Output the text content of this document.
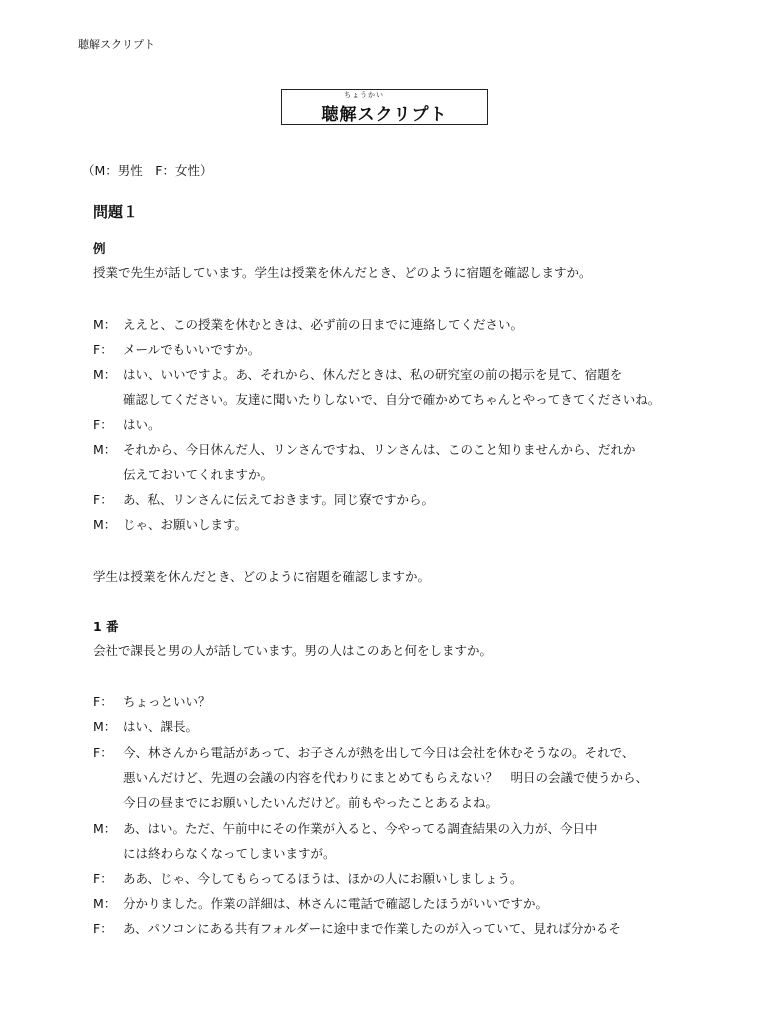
聴解スクリプト
ちょうかい
聴解スクリプト
（M：男性　F：女性）
問題１
例
授業で先生が話しています。学生は授業を休んだとき、どのように宿題を確認しますか。
M： ええと、この授業を休むときは、必ず前の日までに連絡してください。
F： メールでもいいですか。
M： はい、いいですよ。あ、それから、休んだときは、私の研究室の前の掲示を見て、宿題を
確認してください。友達に聞いたりしないで、自分で確かめてちゃんとやってきてくださいね。
F： はい。
M： それから、今日休んだ人、リンさんですね、リンさんは、このこと知りませんから、だれか
伝えておいてくれますか。
F： あ、私、リンさんに伝えておきます。同じ寮ですから。
M： じゃ、お願いします。
学生は授業を休んだとき、どのように宿題を確認しますか。
1 番
会社で課長と男の人が話しています。男の人はこのあと何をしますか。
F： ちょっといい？
M： はい、課長。
F： 今、林さんから電話があって、お子さんが熱を出して今日は会社を休むそうなの。それで、
悪いんだけど、先週の会議の内容を代わりにまとめてもらえない？　明日の会議で使うから、
今日の昼までにお願いしたいんだけど。前もやったことあるよね。
M： あ、はい。ただ、午前中にその作業が入ると、今やってる調査結果の入力が、今日中
には終わらなくなってしまいますが。
F： ああ、じゃ、今してもらってるほうは、ほかの人にお願いしましょう。
M： 分かりました。作業の詳細は、林さんに電話で確認したほうがいいですか。
F： あ、パソコンにある共有フォルダーに途中まで作業したのが入っていて、見れば分かるそ
